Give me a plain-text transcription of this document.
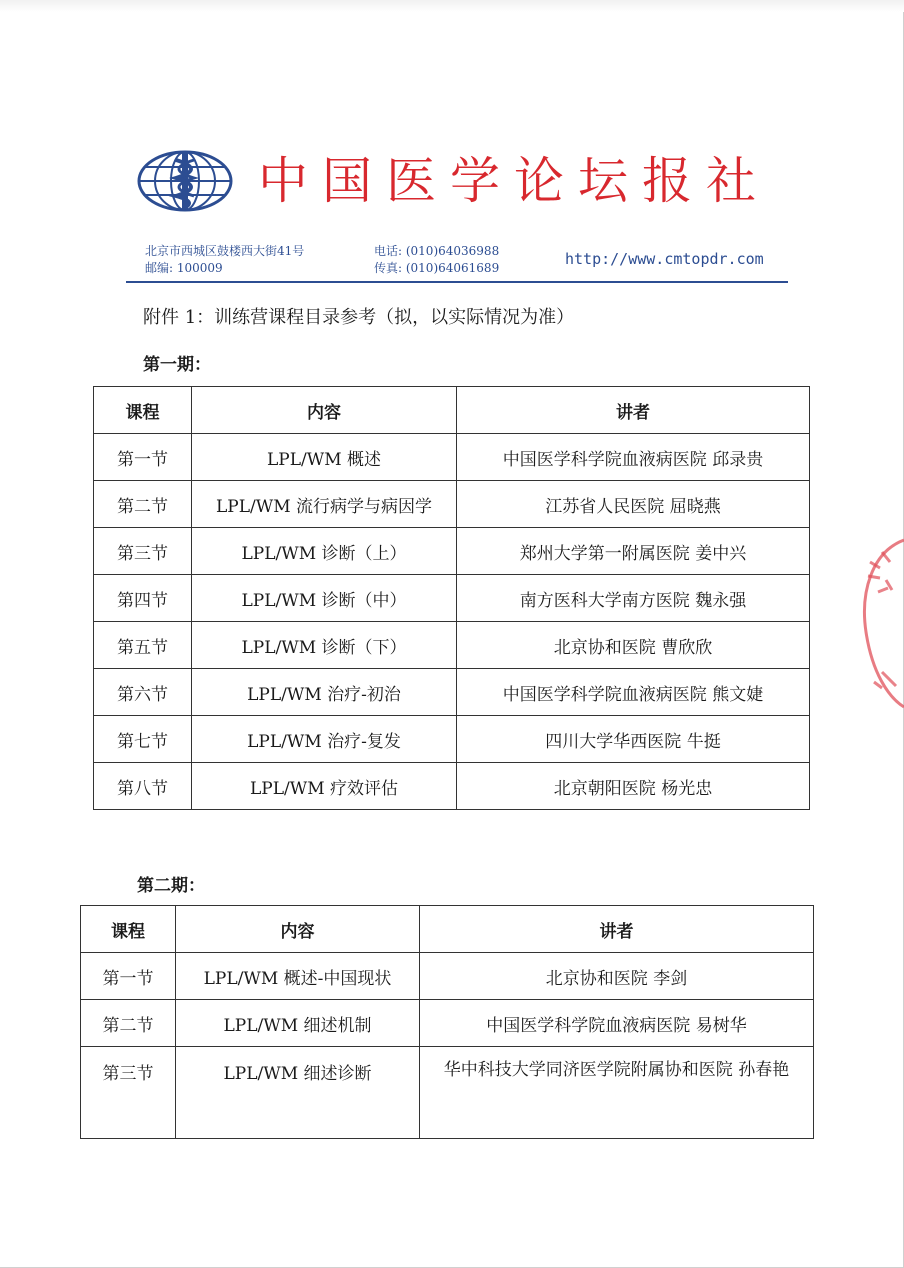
中国医学论坛报社
北京市西城区鼓楼西大街41号
邮编: 100009
电话: (010)64036988
传真: (010)64061689	http://www.cmtopdr.com
附件 1：训练营课程目录参考（拟，以实际情况为准）
第一期：
课程	内容	讲者
第一节	LPL/WM 概述	中国医学科学院血液病医院 邱录贵
第二节	LPL/WM 流行病学与病因学	江苏省人民医院 屈晓燕
第三节	LPL/WM 诊断（上）	郑州大学第一附属医院 姜中兴
第四节	LPL/WM 诊断（中）	南方医科大学南方医院 魏永强
第五节	LPL/WM 诊断（下）	北京协和医院 曹欣欣
第六节	LPL/WM 治疗-初治	中国医学科学院血液病医院 熊文婕
第七节	LPL/WM 治疗-复发	四川大学华西医院 牛挺
第八节	LPL/WM 疗效评估	北京朝阳医院 杨光忠
第二期：
课程	内容	讲者
第一节	LPL/WM 概述-中国现状	北京协和医院 李剑
第二节	LPL/WM 细述机制	中国医学科学院血液病医院 易树华
第三节	LPL/WM 细述诊断	华中科技大学同济医学院附属协和医院 孙春艳
